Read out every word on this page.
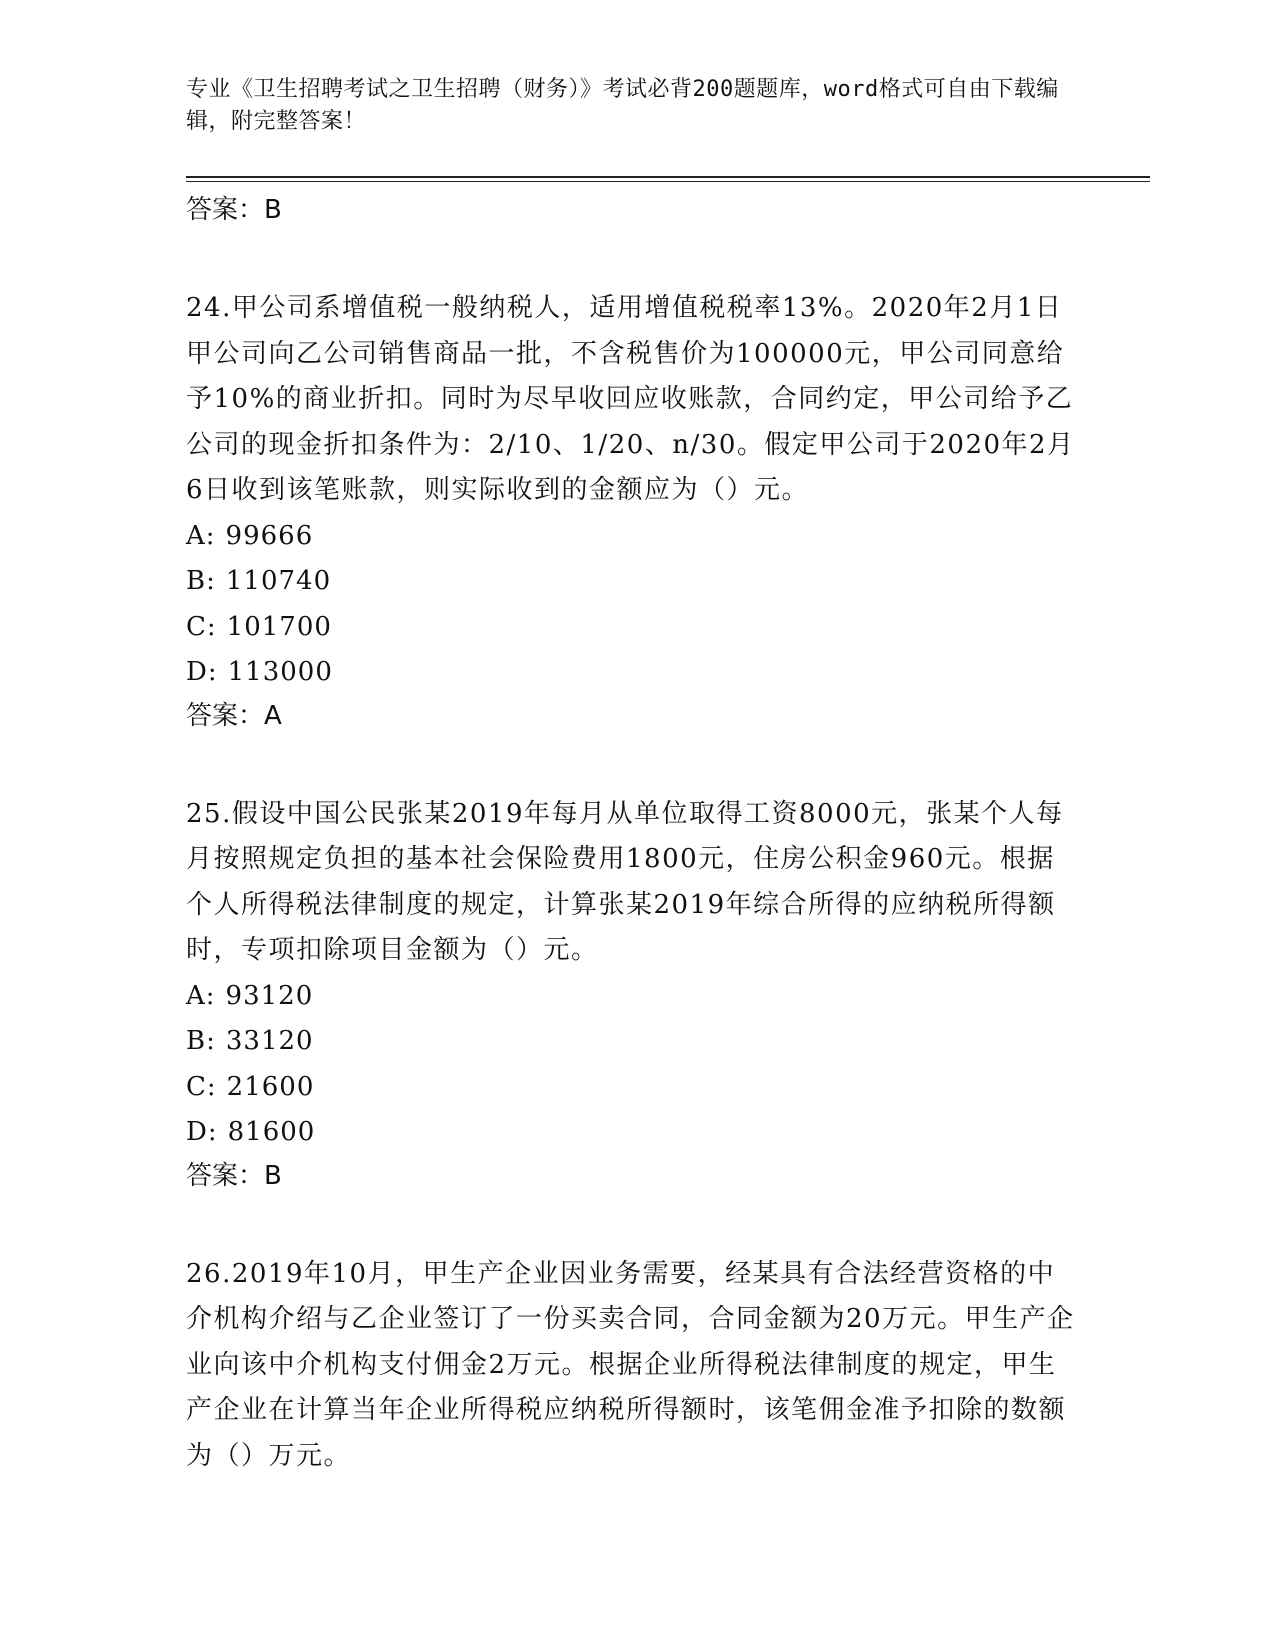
专业《卫生招聘考试之卫生招聘（财务）》考试必背200题题库，word格式可自由下载编辑，附完整答案！
答案：B
24.甲公司系增值税一般纳税人，适用增值税税率13%。2020年2月1日甲公司向乙公司销售商品一批，不含税售价为100000元，甲公司同意给予10%的商业折扣。同时为尽早收回应收账款，合同约定，甲公司给予乙公司的现金折扣条件为：2/10、1/20、n/30。假定甲公司于2020年2月6日收到该笔账款，则实际收到的金额应为（）元。
A: 99666
B: 110740
C: 101700
D: 113000
答案：A
25.假设中国公民张某2019年每月从单位取得工资8000元，张某个人每月按照规定负担的基本社会保险费用1800元，住房公积金960元。根据个人所得税法律制度的规定，计算张某2019年综合所得的应纳税所得额时，专项扣除项目金额为（）元。
A: 93120
B: 33120
C: 21600
D: 81600
答案：B
26.2019年10月，甲生产企业因业务需要，经某具有合法经营资格的中介机构介绍与乙企业签订了一份买卖合同，合同金额为20万元。甲生产企业向该中介机构支付佣金2万元。根据企业所得税法律制度的规定，甲生产企业在计算当年企业所得税应纳税所得额时，该笔佣金准予扣除的数额为（）万元。
